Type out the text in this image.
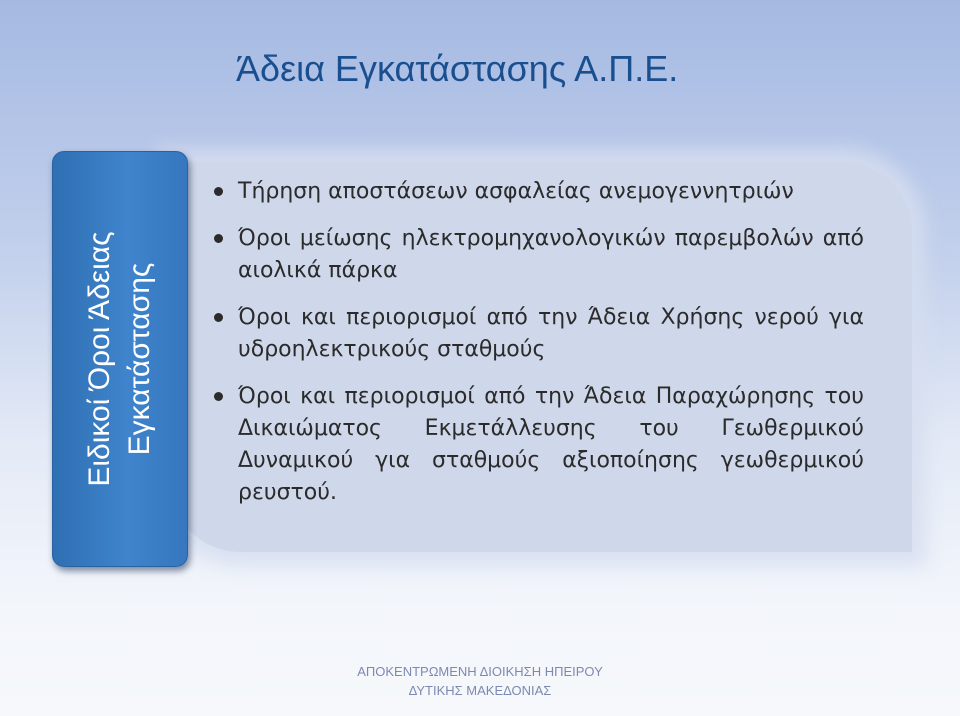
Άδεια Εγκατάστασης Α.Π.Ε.
Ειδικοί Όροι Άδειας Εγκατάστασης
Τήρηση αποστάσεων ασφαλείας ανεμογεννητριών
Όροι μείωσης ηλεκτρομηχανολογικών παρεμβολών από αιολικά πάρκα
Όροι και περιορισμοί από την Άδεια Χρήσης νερού για υδροηλεκτρικούς σταθμούς
Όροι και περιορισμοί από την Άδεια Παραχώρησης του Δικαιώματος Εκμετάλλευσης του Γεωθερμικού Δυναμικού για σταθμούς αξιοποίησης γεωθερμικού ρευστού.
ΑΠΟΚΕΝΤΡΩΜΕΝΗ ΔΙΟΙΚΗΣΗ ΗΠΕΙΡΟΥ
ΔΥΤΙΚΗΣ ΜΑΚΕΔΟΝΙΑΣ
